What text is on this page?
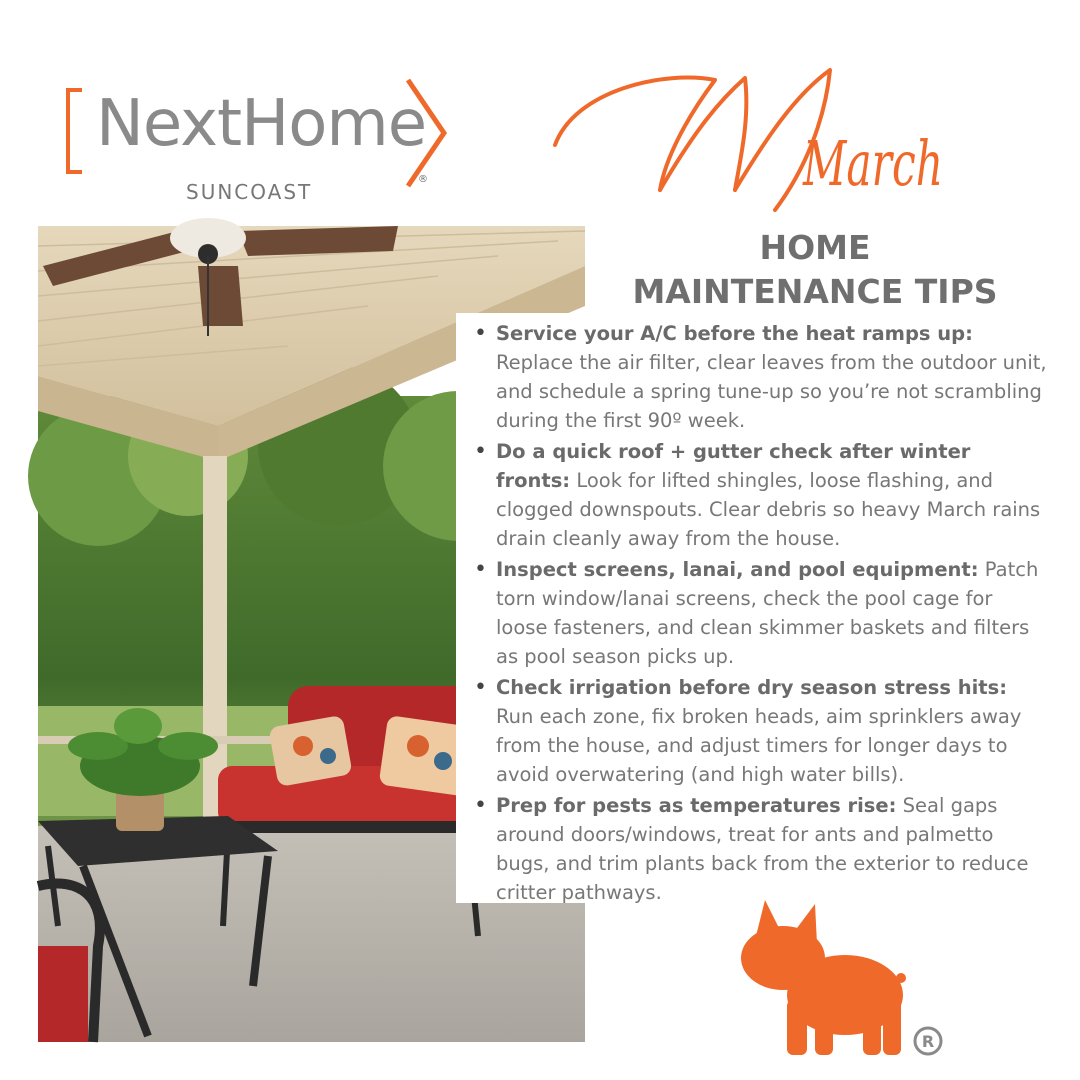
NextHome
®
SUNCOAST	March
HOME
MAINTENANCE TIPS
• Service your A/C before the heat ramps up: Replace the air filter, clear leaves from the outdoor unit, and schedule a spring tune-up so you’re not scrambling during the first 90º week.
• Do a quick roof + gutter check after winter fronts: Look for lifted shingles, loose flashing, and clogged downspouts. Clear debris so heavy March rains drain cleanly away from the house.
• Inspect screens, lanai, and pool equipment: Patch torn window/lanai screens, check the pool cage for loose fasteners, and clean skimmer baskets and filters as pool season picks up.
• Check irrigation before dry season stress hits: Run each zone, fix broken heads, aim sprinklers away from the house, and adjust timers for longer days to avoid overwatering (and high water bills).
• Prep for pests as temperatures rise: Seal gaps around doors/windows, treat for ants and palmetto bugs, and trim plants back from the exterior to reduce critter pathways.
R
